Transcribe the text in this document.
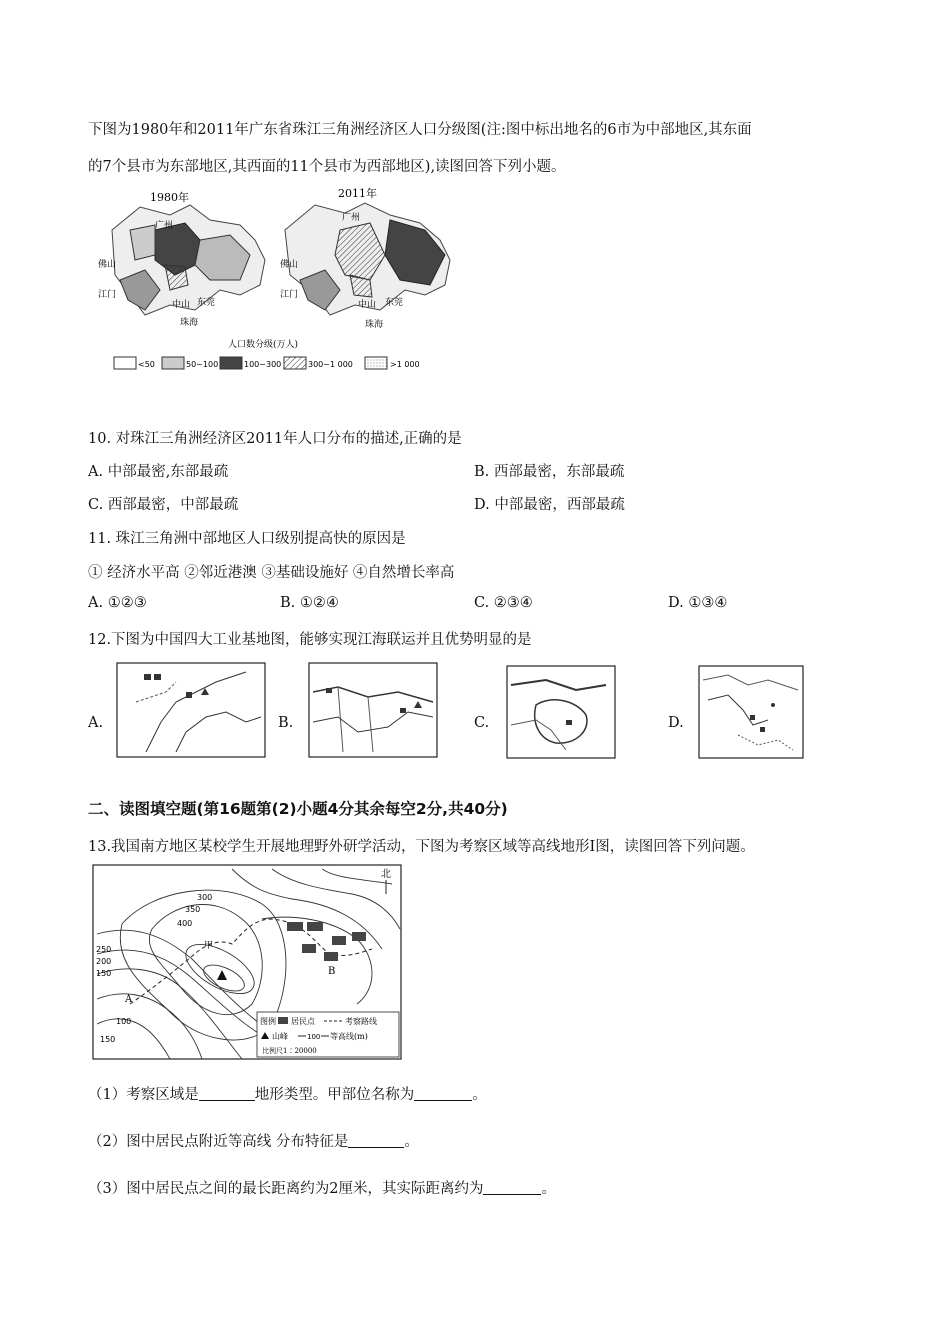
下图为1980年和2011年广东省珠江三角洲经济区人口分级图(注:图中标出地名的6市为中部地区,其东面
的7个县市为东部地区,其西面的11个县市为西部地区),读图回答下列小题。
1980年	2011年
广州
佛山
江门
中山 东莞
珠海
广州
佛山
江门
中山 东莞
珠海
人口数分级(万人)
<50	50~100	100~300	300~1 000	>1 000
10. 对珠江三角洲经济区2011年人口分布的描述,正确的是
A. 中部最密,东部最疏	B. 西部最密，东部最疏
C. 西部最密，中部最疏	D. 中部最密，西部最疏
11. 珠江三角洲中部地区人口级别提高快的原因是
① 经济水平高 ②邻近港澳 ③基础设施好 ④自然增长率高
A. ①②③	B. ①②④	C. ②③④	D. ①③④
12.下图为中国四大工业基地图，能够实现江海联运并且优势明显的是
A.	B.	C.	D.
二、读图填空题(第16题第(2)小题4分其余每空2分,共40分)
13.我国南方地区某校学生开展地理野外研学活动，下图为考察区域等高线地形Ⅰ图，读图回答下列问题。
北
甲
A
B
400
350
300
250
200
150
100
150
图例 居民点	考察路线
山峰	100 等高线(m)
比例尺1∶20000
（1）考察区域是	地形类型。甲部位名称为	。
（2）图中居民点附近等高线 分布特征是	。
（3）图中居民点之间的最长距离约为2厘米，其实际距离约为	。
